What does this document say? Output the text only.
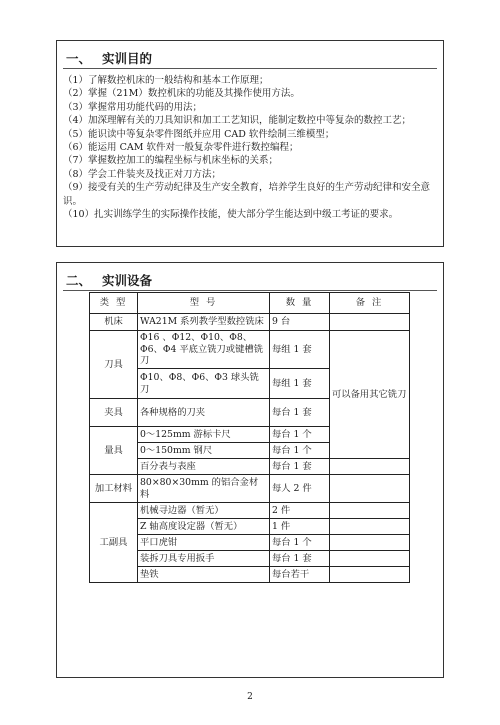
一、 实训目的
（1）了解数控机床的一般结构和基本工作原理；
（2）掌握（21M）数控机床的功能及其操作使用方法。
（3）掌握常用功能代码的用法；
（4）加深理解有关的刀具知识和加工工艺知识，能制定数控中等复杂的数控工艺；
（5）能识读中等复杂零件图纸并应用 CAD 软件绘制三维模型；
（6）能运用 CAM 软件对一般复杂零件进行数控编程；
（7）掌握数控加工的编程坐标与机床坐标的关系；
（8）学会工件装夹及找正对刀方法；
（9）接受有关的生产劳动纪律及生产安全教育，培养学生良好的生产劳动纪律和安全意识。
（10）扎实训练学生的实际操作技能，使大部分学生能达到中级工考证的要求。
二、 实训设备
类 型	型 号	数 量	备 注
机床	WA21M 系列教学型数控铣床	9 台	
刀具	Φ16 、Φ12、Φ10、Φ8、Φ6、Φ4 平底立铣刀或键槽铣刀	每组 1 套	可以备用其它铣刀
	Φ10、Φ8、Φ6、Φ3 球头铣刀	每组 1 套	
夹具	各种规格的刀夹	每台 1 套	
量具	0～125mm 游标卡尺	每台 1 个	
	0～150mm 钢尺	每台 1 个	
	百分表与表座	每台 1 套	
加工材料	80×80×30mm 的铝合金材料	每人 2 件	
工副具	机械寻边器（暂无）	2 件	
	Z 轴高度设定器（暂无）	1 件	
	平口虎钳	每台 1 个	
	装拆刀具专用扳手	每台 1 套	
	垫铁	每台若干	
2
